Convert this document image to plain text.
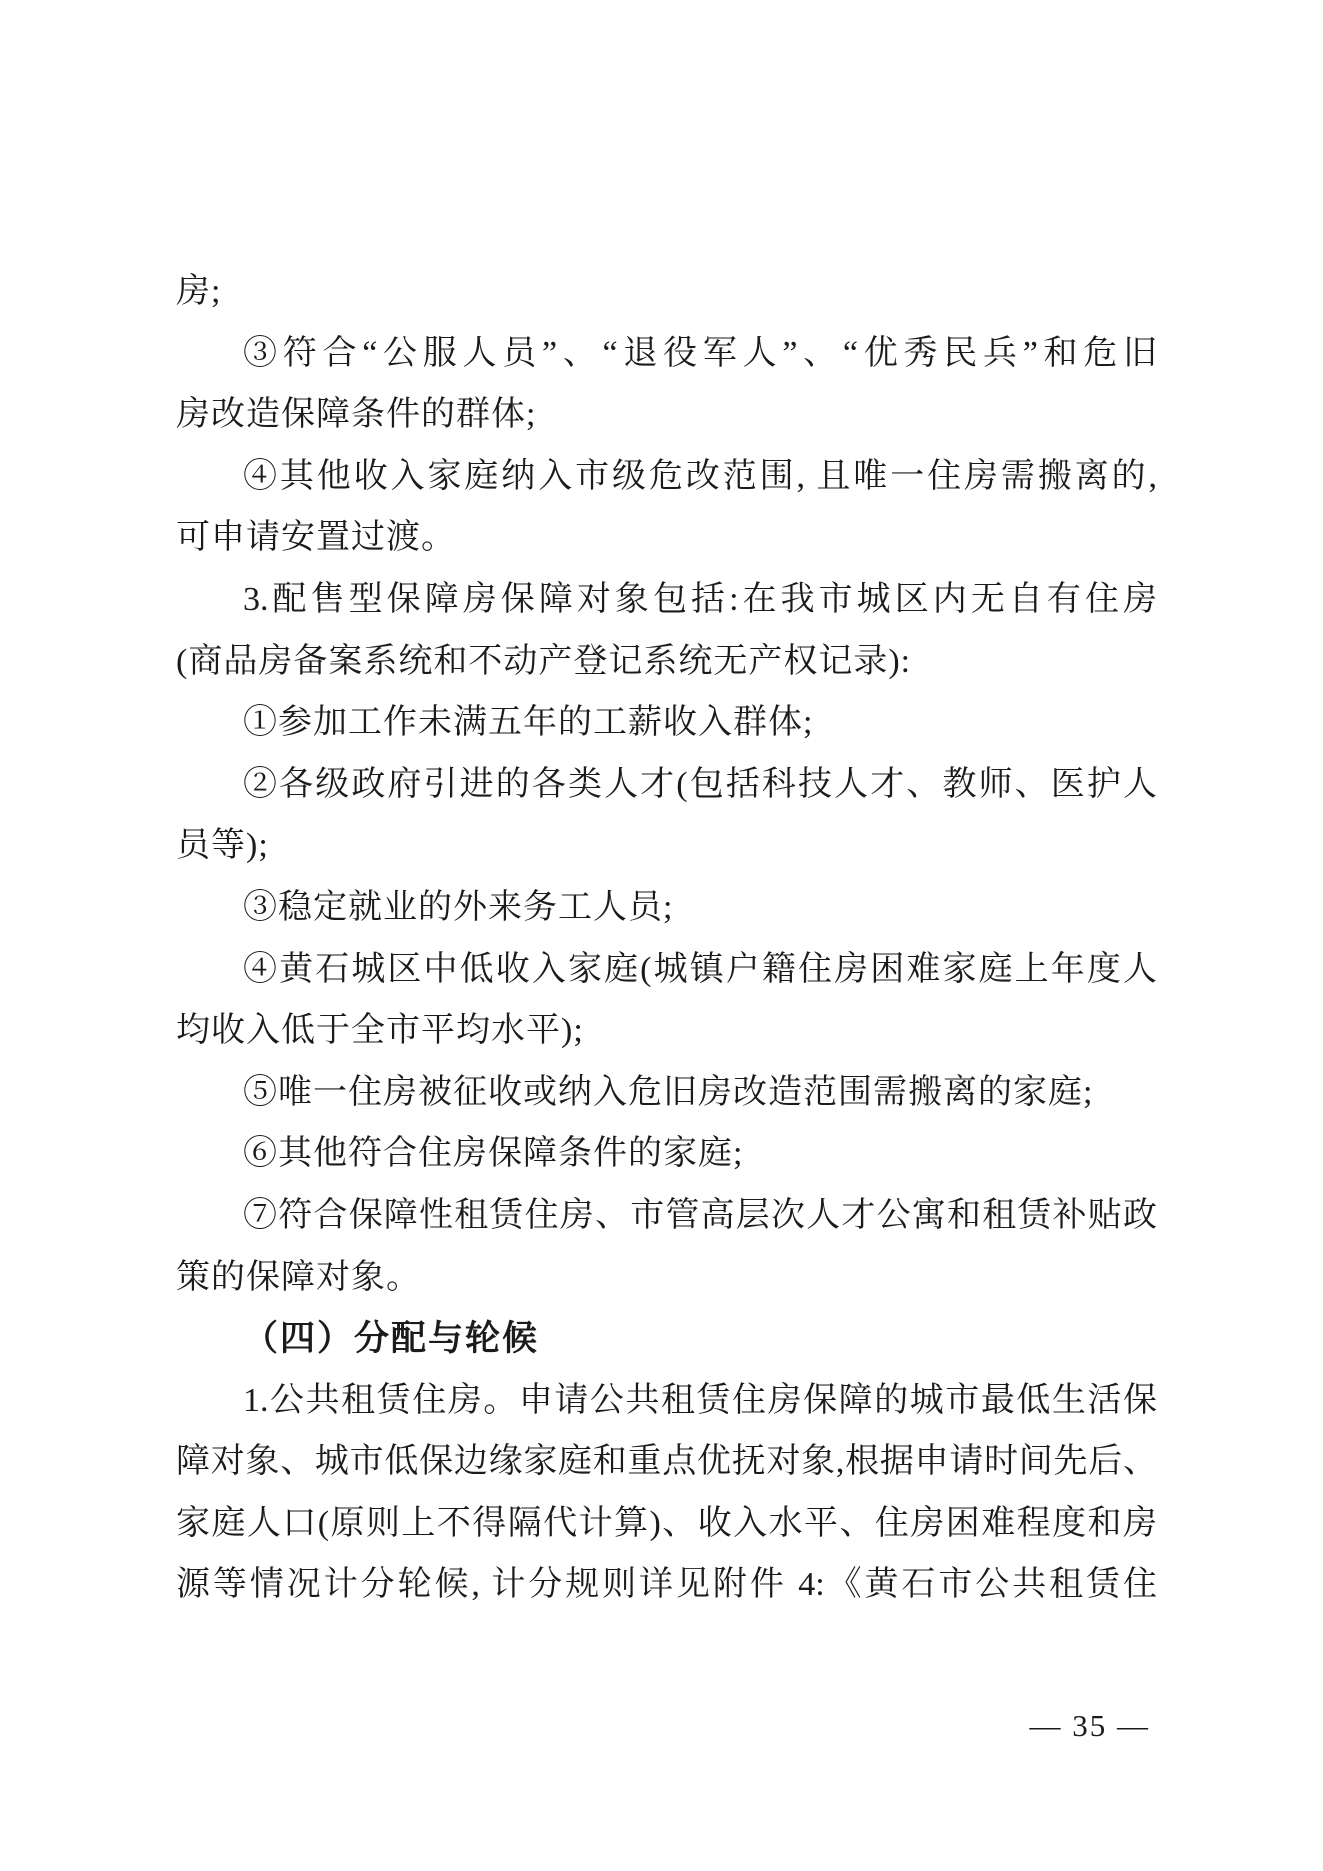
房;
③符合“公服人员”、“退役军人”、“优秀民兵”和危旧
房改造保障条件的群体;
④其他收入家庭纳入市级危改范围, 且唯一住房需搬离的,
可申请安置过渡。
3.配售型保障房保障对象包括:在我市城区内无自有住房
(商品房备案系统和不动产登记系统无产权记录):
①参加工作未满五年的工薪收入群体;
②各级政府引进的各类人才(包括科技人才、教师、医护人
员等);
③稳定就业的外来务工人员;
④黄石城区中低收入家庭(城镇户籍住房困难家庭上年度人
均收入低于全市平均水平);
⑤唯一住房被征收或纳入危旧房改造范围需搬离的家庭;
⑥其他符合住房保障条件的家庭;
⑦符合保障性租赁住房、市管高层次人才公寓和租赁补贴政
策的保障对象。
（四）分配与轮候
1.公共租赁住房。申请公共租赁住房保障的城市最低生活保
障对象、城市低保边缘家庭和重点优抚对象,根据申请时间先后、
家庭人口(原则上不得隔代计算)、收入水平、住房困难程度和房
源等情况计分轮候, 计分规则详见附件 4:《黄石市公共租赁住
— 35 —
